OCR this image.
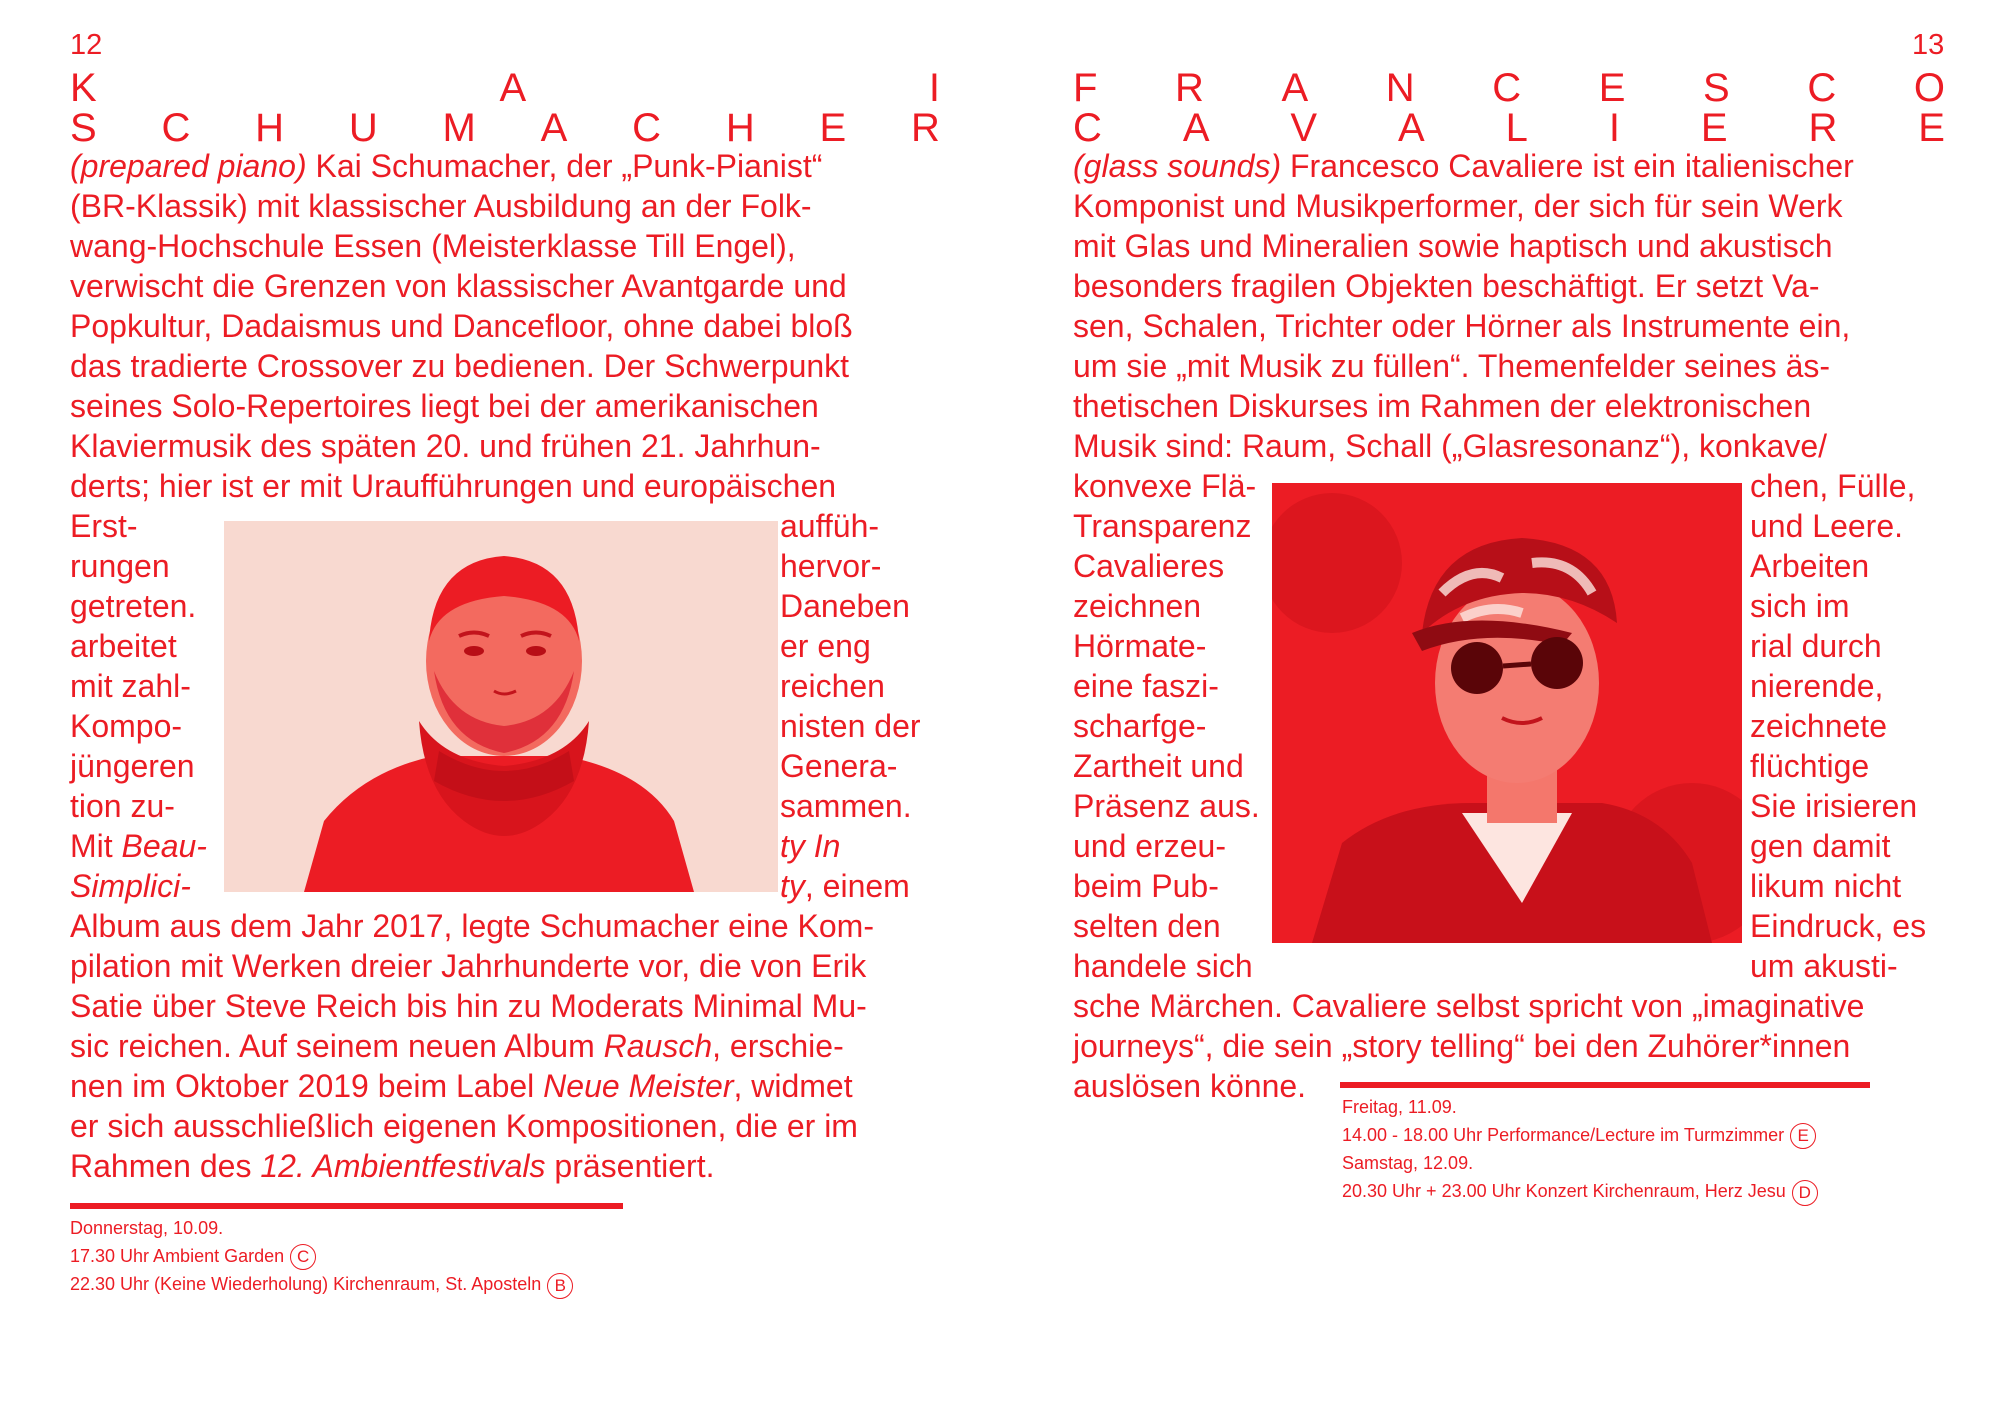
12
K	A	I
S C H U M A C H E R
(prepared piano) Kai Schumacher, der „Punk-Pianist“
(BR-Klassik) mit klassischer Ausbildung an der Folk-
wang-Hochschule Essen (Meisterklasse Till Engel),
verwischt die Grenzen von klassischer Avantgarde und
Popkultur, Dadaismus und Dancefloor, ohne dabei bloß
das tradierte Crossover zu bedienen. Der Schwerpunkt
seines Solo-Repertoires liegt bei der amerikanischen
Klaviermusik des späten 20. und frühen 21. Jahrhun-
derts; hier ist er mit Uraufführungen und europäischen
Erst-
rungen
getreten.
arbeitet
mit zahl-
Kompo-
jüngeren
tion zu-
Mit Beau-
Simplici-
auffüh-
hervor-
Daneben
er eng
reichen
nisten der
Genera-
sammen.
ty In
ty, einem
Album aus dem Jahr 2017, legte Schumacher eine Kom-
pilation mit Werken dreier Jahrhunderte vor, die von Erik
Satie über Steve Reich bis hin zu Moderats Minimal Mu-
sic reichen. Auf seinem neuen Album Rausch, erschie-
nen im Oktober 2019 beim Label Neue Meister, widmet
er sich ausschließlich eigenen Kompositionen, die er im
Rahmen des 12. Ambientfestivals präsentiert.
Donnerstag, 10.09.
17.30 Uhr Ambient Garden C
22.30 Uhr (Keine Wiederholung) Kirchenraum, St. Aposteln B
13
F R A N C E S C O
C A V A L I E R E
(glass sounds) Francesco Cavaliere ist ein italienischer
Komponist und Musikperformer, der sich für sein Werk
mit Glas und Mineralien sowie haptisch und akustisch
besonders fragilen Objekten beschäftigt. Er setzt Va-
sen, Schalen, Trichter oder Hörner als Instrumente ein,
um sie „mit Musik zu füllen“. Themenfelder seines äs-
thetischen Diskurses im Rahmen der elektronischen
Musik sind: Raum, Schall („Glasresonanz“), konkave/
konvexe Flä-
Transparenz
Cavalieres
zeichnen
Hörmate-
eine faszi-
scharfge-
Zartheit und
Präsenz aus.
und erzeu-
beim Pub-
selten den
handele sich
chen, Fülle,
und Leere.
Arbeiten
sich im
rial durch
nierende,
zeichnete
flüchtige
Sie irisieren
gen damit
likum nicht
Eindruck, es
um akusti-
sche Märchen. Cavaliere selbst spricht von „imaginative
journeys“, die sein „story telling“ bei den Zuhörer*innen
auslösen könne.
Freitag, 11.09.
14.00 - 18.00 Uhr Performance/Lecture im Turmzimmer E
Samstag, 12.09.
20.30 Uhr + 23.00 Uhr Konzert Kirchenraum, Herz Jesu D
